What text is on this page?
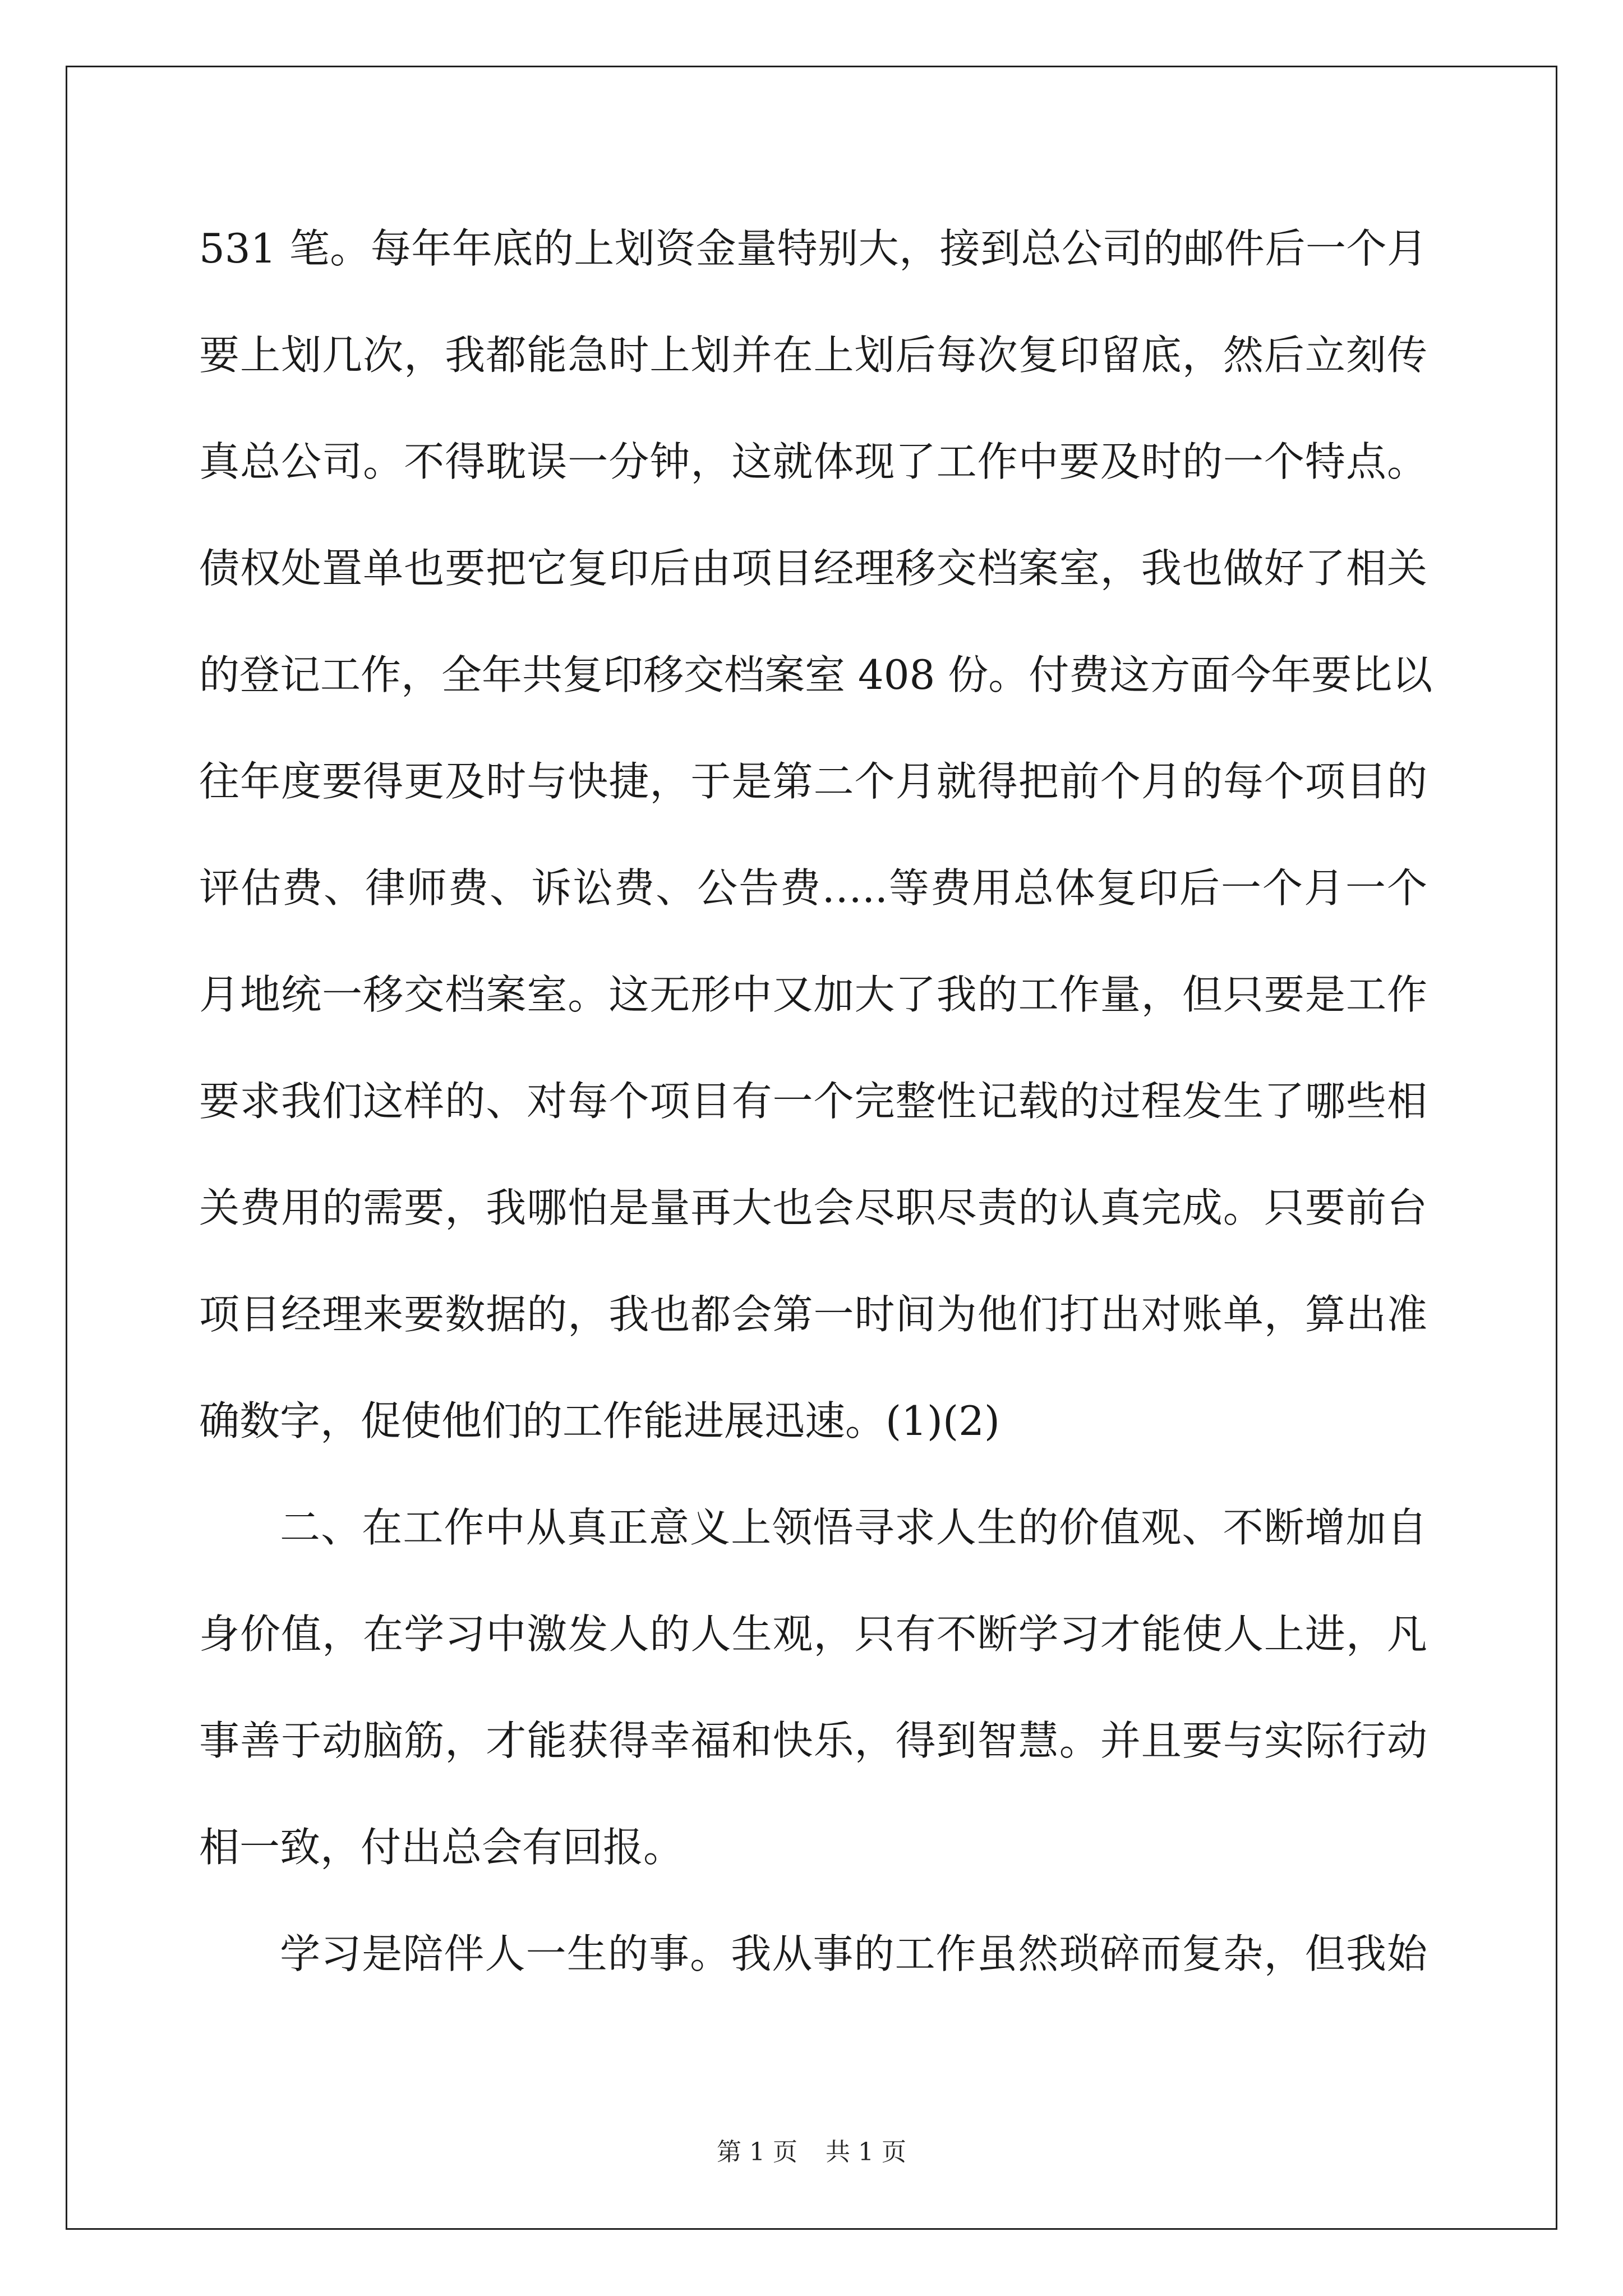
531 笔。每年年底的上划资金量特别大，接到总公司的邮件后一个月
要上划几次，我都能急时上划并在上划后每次复印留底，然后立刻传
真总公司。不得耽误一分钟，这就体现了工作中要及时的一个特点。
债权处置单也要把它复印后由项目经理移交档案室，我也做好了相关
的登记工作，全年共复印移交档案室 408 份。付费这方面今年要比以
往年度要得更及时与快捷，于是第二个月就得把前个月的每个项目的
评估费、律师费、诉讼费、公告费…..等费用总体复印后一个月一个
月地统一移交档案室。这无形中又加大了我的工作量，但只要是工作
要求我们这样的、对每个项目有一个完整性记载的过程发生了哪些相
关费用的需要，我哪怕是量再大也会尽职尽责的认真完成。只要前台
项目经理来要数据的，我也都会第一时间为他们打出对账单，算出准
确数字，促使他们的工作能进展迅速。(1)(2)
二、在工作中从真正意义上领悟寻求人生的价值观、不断增加自
身价值，在学习中激发人的人生观，只有不断学习才能使人上进，凡
事善于动脑筋，才能获得幸福和快乐，得到智慧。并且要与实际行动
相一致，付出总会有回报。
学习是陪伴人一生的事。我从事的工作虽然琐碎而复杂，但我始
第 1 页 共 1 页
